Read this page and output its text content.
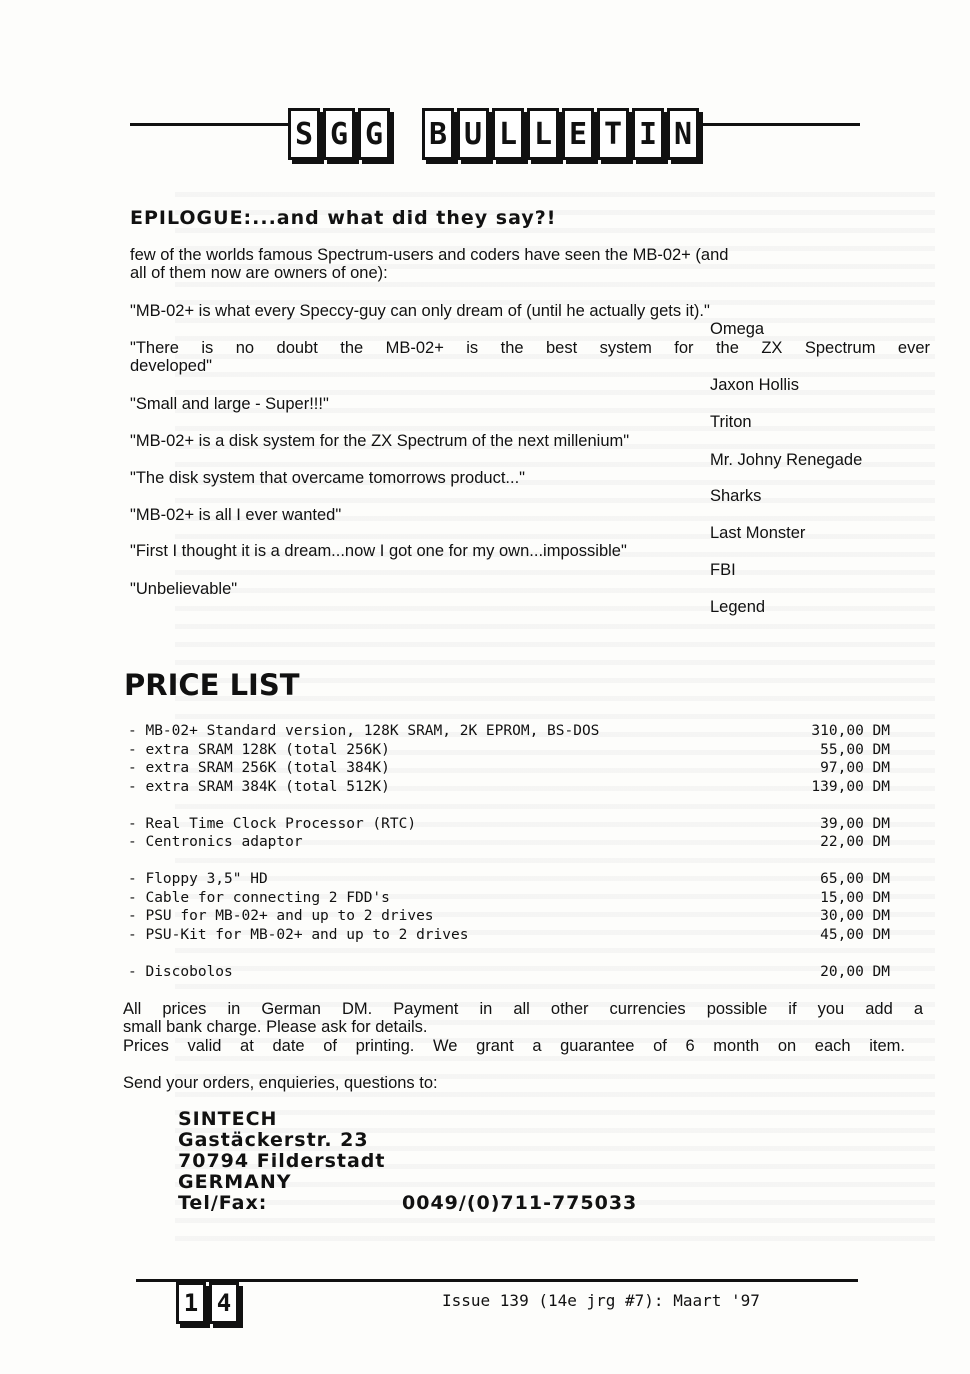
S G G B U L L E T I N
EPILOGUE:...and what did they say?!
few of the worlds famous Spectrum-users and coders have seen the MB-02+ (and
all of them now are owners of one):
"MB-02+ is what every Speccy-guy can only dream of (until he actually gets it)."
Omega
"There is no doubt the MB-02+ is the best system for the ZX Spectrum ever
developed"
Jaxon Hollis
"Small and large - Super!!!"
Triton
"MB-02+ is a disk system for the ZX Spectrum of the next millenium"
Mr. Johny Renegade
"The disk system that overcame tomorrows product..."
Sharks
"MB-02+ is all I ever wanted"
Last Monster
"First I thought it is a dream...now I got one for my own...impossible"
FBI
"Unbelievable"
Legend
PRICE LIST
- MB-02+ Standard version, 128K SRAM, 2K EPROM, BS-DOS	310,00 DM
- extra SRAM 128K (total 256K)	55,00 DM
- extra SRAM 256K (total 384K)	97,00 DM
- extra SRAM 384K (total 512K)	139,00 DM
- Real Time Clock Processor (RTC)	39,00 DM
- Centronics adaptor	22,00 DM
- Floppy 3,5" HD	65,00 DM
- Cable for connecting 2 FDD's	15,00 DM
- PSU for MB-02+ and up to 2 drives	30,00 DM
- PSU-Kit for MB-02+ and up to 2 drives	45,00 DM
- Discobolos	20,00 DM
All prices in German DM. Payment in all other currencies possible if you add a
small bank charge. Please ask for details.
Prices valid at date of printing. We grant a guarantee of 6 month on each item.
Send your orders, enquieries, questions to:
SINTECH
Gastäckerstr. 23
70794 Filderstadt
GERMANY
Tel/Fax:	0049/(0)711-775033
1 4	Issue 139 (14e jrg #7): Maart '97
